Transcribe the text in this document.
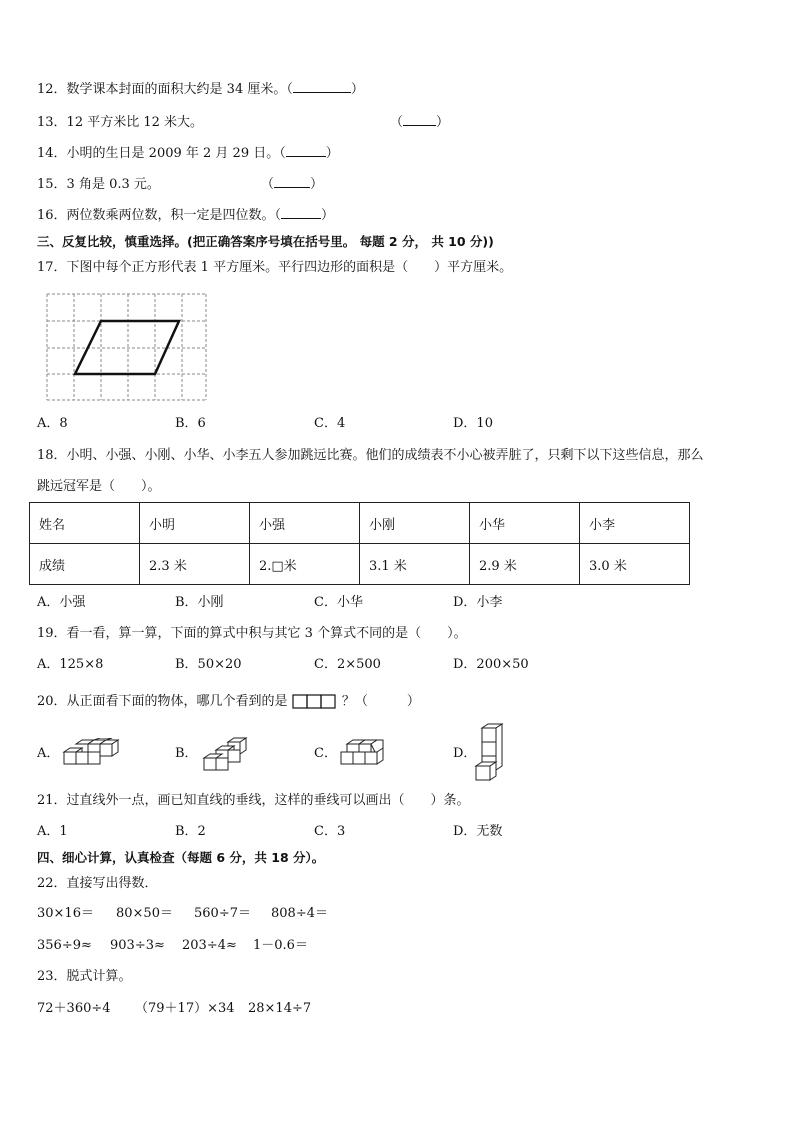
12．数学课本封面的面积大约是 34 厘米。（	）
13．12 平方米比 12 米大。	（	）
14．小明的生日是 2009 年 2 月 29 日。（	）
15．3 角是 0.3 元。	（	）
16．两位数乘两位数，积一定是四位数。（	）
三、反复比较，慎重选择。(把正确答案序号填在括号里。 每题 2 分， 共 10 分))
17．下图中每个正方形代表 1 平方厘米。平行四边形的面积是（　　）平方厘米。
A．8	B．6	C．4	D．10
18．小明、小强、小刚、小华、小李五人参加跳远比赛。他们的成绩表不小心被弄脏了，只剩下以下这些信息，那么
跳远冠军是（　　）。
姓名	小明	小强	小刚	小华	小李
成绩	2.3 米	2.□米	3.1 米	2.9 米	3.0 米
A．小强	B．小刚	C．小华	D．小李
19．看一看，算一算，下面的算式中积与其它 3 个算式不同的是（　　）。
A．125×8	B．50×20	C．2×500	D．200×50
20．从正面看下面的物体，哪几个看到的是	？（　　　）
A．	B．	C．	D．
21．过直线外一点，画已知直线的垂线，这样的垂线可以画出（　　）条。
A．1	B．2	C．3	D．无数
四、细心计算，认真检查（每题 6 分，共 18 分）。
22．直接写出得数．
30×16＝ 80×50＝ 560÷7＝ 808÷4＝
356÷9≈ 903÷3≈ 203÷4≈ 1－0.6＝
23．脱式计算。
72＋360÷4 （79＋17）×34 28×14÷7
